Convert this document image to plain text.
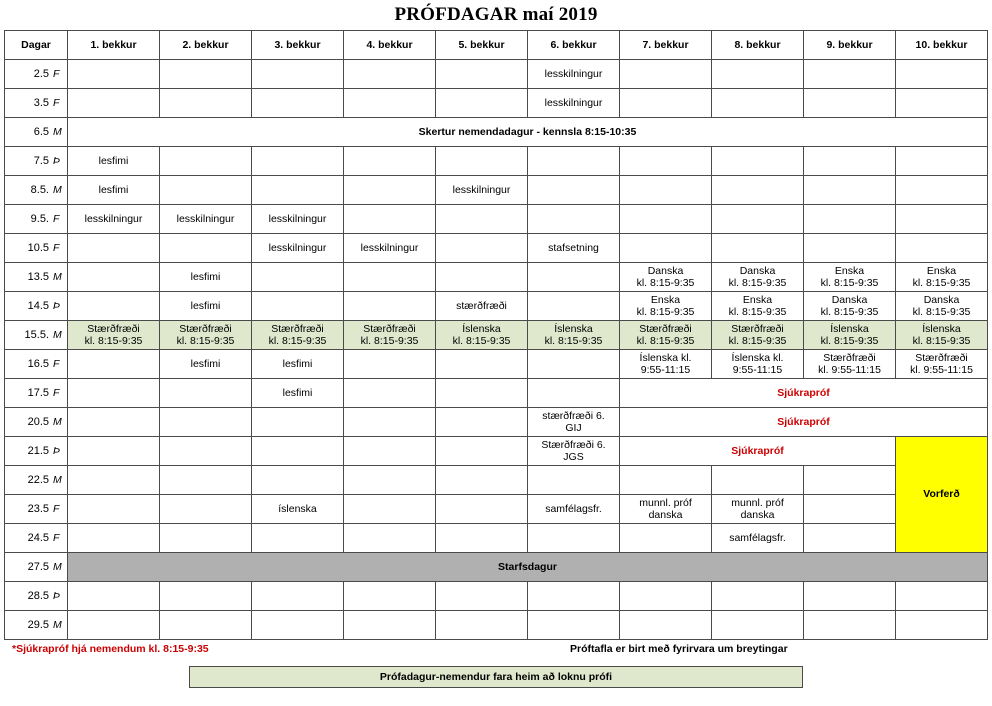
PRÓFDAGAR maí 2019
Dagar	1. bekkur	2. bekkur	3. bekkur	4. bekkur	5. bekkur	6. bekkur	7. bekkur	8. bekkur	9. bekkur	10. bekkur

2.5 F						lesskilningur				

3.5 F						lesskilningur				

6.5 M	Skertur nemendadagur - kennsla 8:15-10:35									

7.5 Þ	lesfimi									

8.5. M	lesfimi				lesskilningur					

9.5. F	lesskilningur	lesskilningur	lesskilningur							

10.5 F			lesskilningur	lesskilningur		stafsetning				

13.5 M		lesfimi					Danska
kl. 8:15-9:35	Danska
kl. 8:15-9:35	Enska
kl. 8:15-9:35	Enska
kl. 8:15-9:35

14.5 Þ		lesfimi			stærðfræði		Enska
kl. 8:15-9:35	Enska
kl. 8:15-9:35	Danska
kl. 8:15-9:35	Danska
kl. 8:15-9:35

15.5. M	Stærðfræði
kl. 8:15-9:35	Stærðfræði
kl. 8:15-9:35	Stærðfræði
kl. 8:15-9:35	Stærðfræði
kl. 8:15-9:35	Íslenska
kl. 8:15-9:35	Íslenska
kl. 8:15-9:35	Stærðfræði
kl. 8:15-9:35	Stærðfræði
kl. 8:15-9:35	Íslenska
kl. 8:15-9:35	Íslenska
kl. 8:15-9:35

16.5 F		lesfimi	lesfimi				Íslenska kl.
9:55-11:15	Íslenska kl.
9:55-11:15	Stærðfræði
kl. 9:55-11:15	Stærðfræði
kl. 9:55-11:15

17.5 F			lesfimi				Sjúkrapróf			

20.5 M						stærðfræði 6.
GIJ	Sjúkrapróf			

21.5 Þ						Stærðfræði 6.
JGS	Sjúkrapróf			Vorferð

22.5 M										

23.5 F			íslenska			samfélagsfr.	munnl. próf
danska	munnl. próf
danska		

24.5 F								samfélagsfr.		

27.5 M	Starfsdagur									

28.5 Þ										

29.5 M										

*Sjúkrapróf hjá nemendum kl. 8:15-9:35	Próftafla er birt með fyrirvara um breytingar
Prófadagur-nemendur fara heim að loknu prófi
